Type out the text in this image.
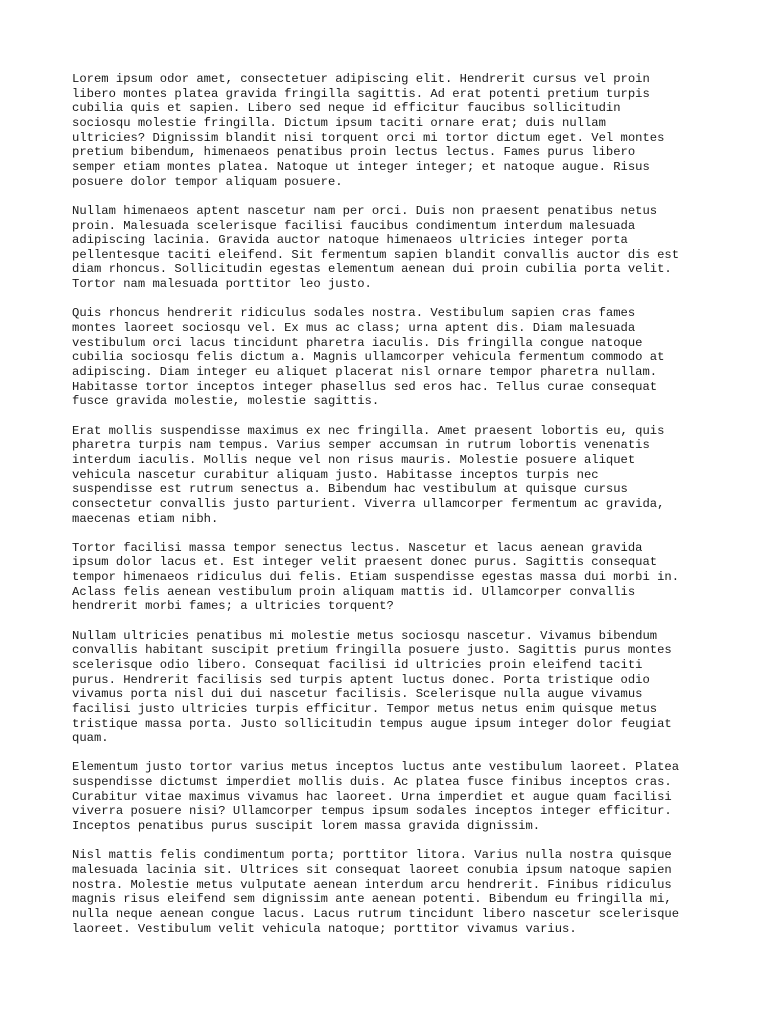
Lorem ipsum odor amet, consectetuer adipiscing elit. Hendrerit cursus vel proin
libero montes platea gravida fringilla sagittis. Ad erat potenti pretium turpis
cubilia quis et sapien. Libero sed neque id efficitur faucibus sollicitudin
sociosqu molestie fringilla. Dictum ipsum taciti ornare erat; duis nullam
ultricies? Dignissim blandit nisi torquent orci mi tortor dictum eget. Vel montes
pretium bibendum, himenaeos penatibus proin lectus lectus. Fames purus libero
semper etiam montes platea. Natoque ut integer integer; et natoque augue. Risus
posuere dolor tempor aliquam posuere.

Nullam himenaeos aptent nascetur nam per orci. Duis non praesent penatibus netus
proin. Malesuada scelerisque facilisi faucibus condimentum interdum malesuada
adipiscing lacinia. Gravida auctor natoque himenaeos ultricies integer porta
pellentesque taciti eleifend. Sit fermentum sapien blandit convallis auctor dis est
diam rhoncus. Sollicitudin egestas elementum aenean dui proin cubilia porta velit.
Tortor nam malesuada porttitor leo justo.

Quis rhoncus hendrerit ridiculus sodales nostra. Vestibulum sapien cras fames
montes laoreet sociosqu vel. Ex mus ac class; urna aptent dis. Diam malesuada
vestibulum orci lacus tincidunt pharetra iaculis. Dis fringilla congue natoque
cubilia sociosqu felis dictum a. Magnis ullamcorper vehicula fermentum commodo at
adipiscing. Diam integer eu aliquet placerat nisl ornare tempor pharetra nullam.
Habitasse tortor inceptos integer phasellus sed eros hac. Tellus curae consequat
fusce gravida molestie, molestie sagittis.

Erat mollis suspendisse maximus ex nec fringilla. Amet praesent lobortis eu, quis
pharetra turpis nam tempus. Varius semper accumsan in rutrum lobortis venenatis
interdum iaculis. Mollis neque vel non risus mauris. Molestie posuere aliquet
vehicula nascetur curabitur aliquam justo. Habitasse inceptos turpis nec
suspendisse est rutrum senectus a. Bibendum hac vestibulum at quisque cursus
consectetur convallis justo parturient. Viverra ullamcorper fermentum ac gravida,
maecenas etiam nibh.

Tortor facilisi massa tempor senectus lectus. Nascetur et lacus aenean gravida
ipsum dolor lacus et. Est integer velit praesent donec purus. Sagittis consequat
tempor himenaeos ridiculus dui felis. Etiam suspendisse egestas massa dui morbi in.
Aclass felis aenean vestibulum proin aliquam mattis id. Ullamcorper convallis
hendrerit morbi fames; a ultricies torquent?

Nullam ultricies penatibus mi molestie metus sociosqu nascetur. Vivamus bibendum
convallis habitant suscipit pretium fringilla posuere justo. Sagittis purus montes
scelerisque odio libero. Consequat facilisi id ultricies proin eleifend taciti
purus. Hendrerit facilisis sed turpis aptent luctus donec. Porta tristique odio
vivamus porta nisl dui dui nascetur facilisis. Scelerisque nulla augue vivamus
facilisi justo ultricies turpis efficitur. Tempor metus netus enim quisque metus
tristique massa porta. Justo sollicitudin tempus augue ipsum integer dolor feugiat
quam.

Elementum justo tortor varius metus inceptos luctus ante vestibulum laoreet. Platea
suspendisse dictumst imperdiet mollis duis. Ac platea fusce finibus inceptos cras.
Curabitur vitae maximus vivamus hac laoreet. Urna imperdiet et augue quam facilisi
viverra posuere nisi? Ullamcorper tempus ipsum sodales inceptos integer efficitur.
Inceptos penatibus purus suscipit lorem massa gravida dignissim.

Nisl mattis felis condimentum porta; porttitor litora. Varius nulla nostra quisque
malesuada lacinia sit. Ultrices sit consequat laoreet conubia ipsum natoque sapien
nostra. Molestie metus vulputate aenean interdum arcu hendrerit. Finibus ridiculus
magnis risus eleifend sem dignissim ante aenean potenti. Bibendum eu fringilla mi,
nulla neque aenean congue lacus. Lacus rutrum tincidunt libero nascetur scelerisque
laoreet. Vestibulum velit vehicula natoque; porttitor vivamus varius.
